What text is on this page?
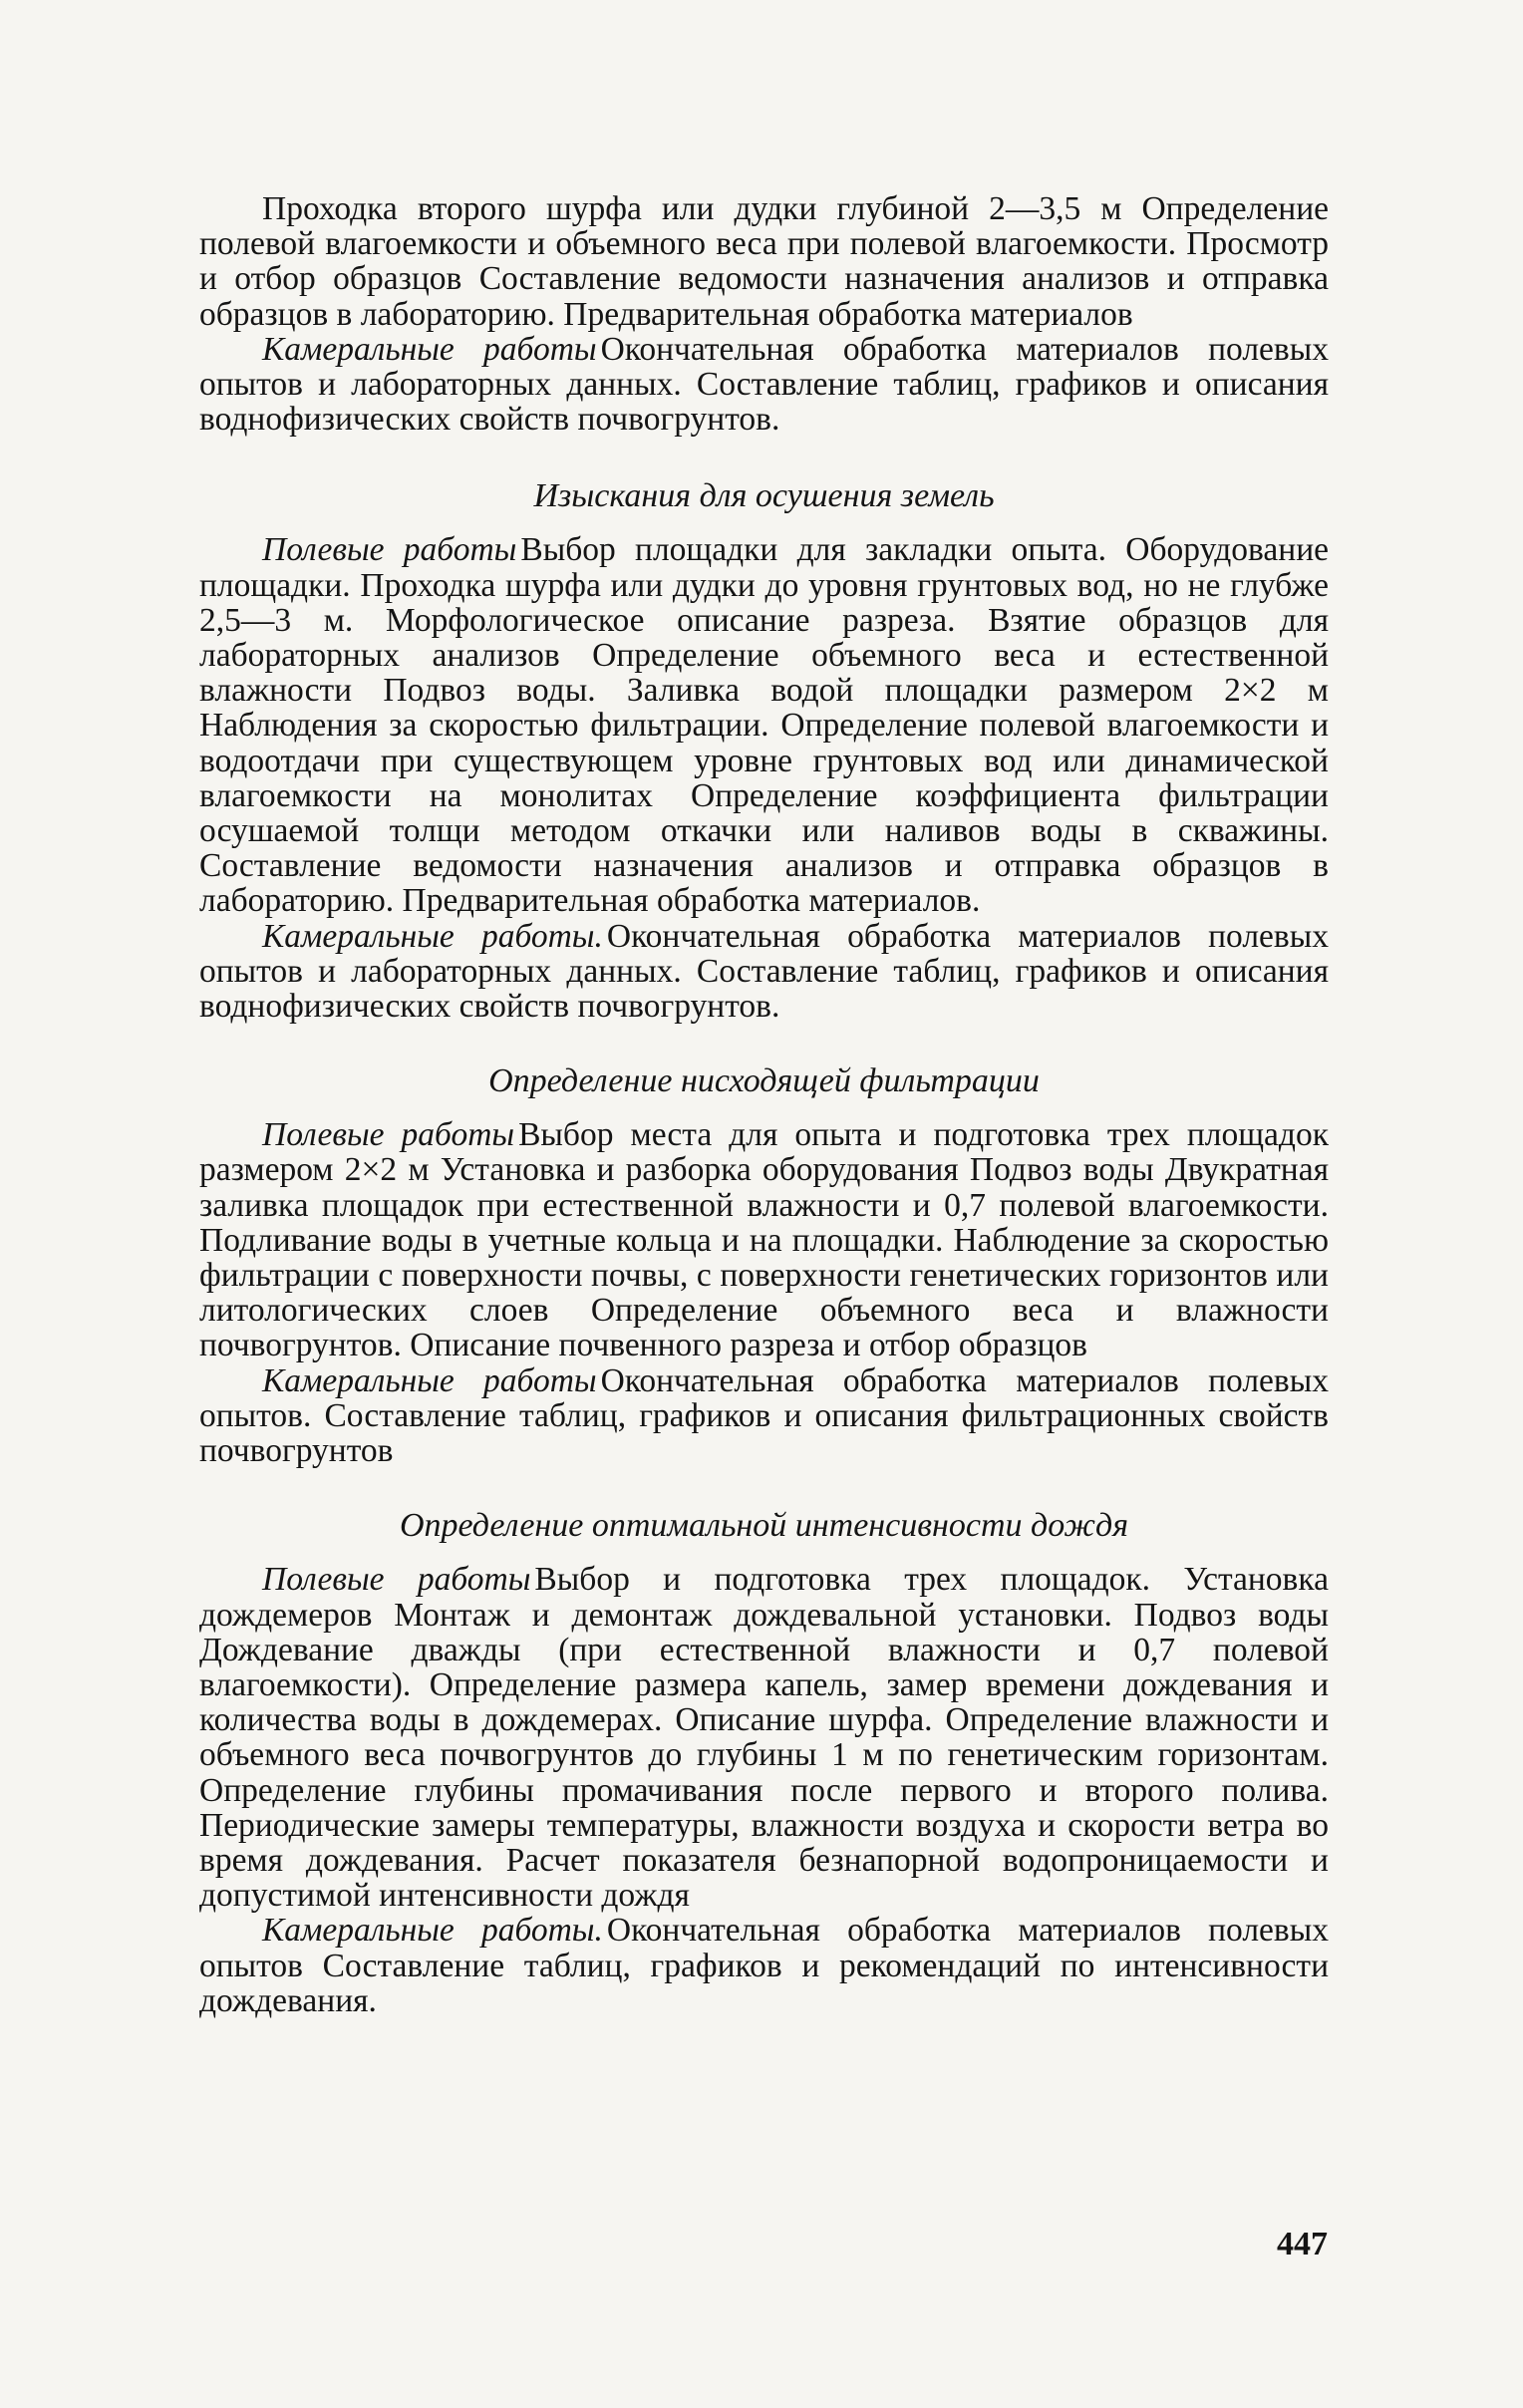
Проходка второго шурфа или дудки глубиной 2—3,5 м Определение полевой влагоемкости и объемного веса при полевой влагоемкости. Просмотр и отбор образцов Составление ведомости назначения анализов и отправка образцов в лабораторию. Предварительная обработка материалов

Камеральные работы Окончательная обработка материалов полевых опытов и лабораторных данных. Составление таблиц, графиков и описания воднофизических свойств почвогрунтов.

Изыскания для осушения земель

Полевые работы Выбор площадки для закладки опыта. Оборудование площадки. Проходка шурфа или дудки до уровня грунтовых вод, но не глубже 2,5—3 м. Морфологическое описание разреза. Взятие образцов для лабораторных анализов Определение объемного веса и естественной влажности Подвоз воды. Заливка водой площадки размером 2×2 м Наблюдения за скоростью фильтрации. Определение полевой влагоемкости и водоотдачи при существующем уровне грунтовых вод или динамической влагоемкости на монолитах Определение коэффициента фильтрации осушаемой толщи методом откачки или наливов воды в скважины. Составление ведомости назначения анализов и отправка образцов в лабораторию. Предварительная обработка материалов.

Камеральные работы. Окончательная обработка материалов полевых опытов и лабораторных данных. Составление таблиц, графиков и описания воднофизических свойств почвогрунтов.

Определение нисходящей фильтрации

Полевые работы Выбор места для опыта и подготовка трех площадок размером 2×2 м Установка и разборка оборудования Подвоз воды Двукратная заливка площадок при естественной влажности и 0,7 полевой влагоемкости. Подливание воды в учетные кольца и на площадки. Наблюдение за скоростью фильтрации с поверхности почвы, с поверхности генетических горизонтов или литологических слоев Определение объемного веса и влажности почвогрунтов. Описание почвенного разреза и отбор образцов

Камеральные работы Окончательная обработка материалов полевых опытов. Составление таблиц, графиков и описания фильтрационных свойств почвогрунтов

Определение оптимальной интенсивности дождя

Полевые работы Выбор и подготовка трех площадок. Установка дождемеров Монтаж и демонтаж дождевальной установки. Подвоз воды Дождевание дважды (при естественной влажности и 0,7 полевой влагоемкости). Определение размера капель, замер времени дождевания и количества воды в дождемерах. Описание шурфа. Определение влажности и объемного веса почвогрунтов до глубины 1 м по генетическим горизонтам. Определение глубины промачивания после первого и второго полива. Периодические замеры температуры, влажности воздуха и скорости ветра во время дождевания. Расчет показателя безнапорной водопроницаемости и допустимой интенсивности дождя

Камеральные работы. Окончательная обработка материалов полевых опытов Составление таблиц, графиков и рекомендаций по интенсивности дождевания.

447
